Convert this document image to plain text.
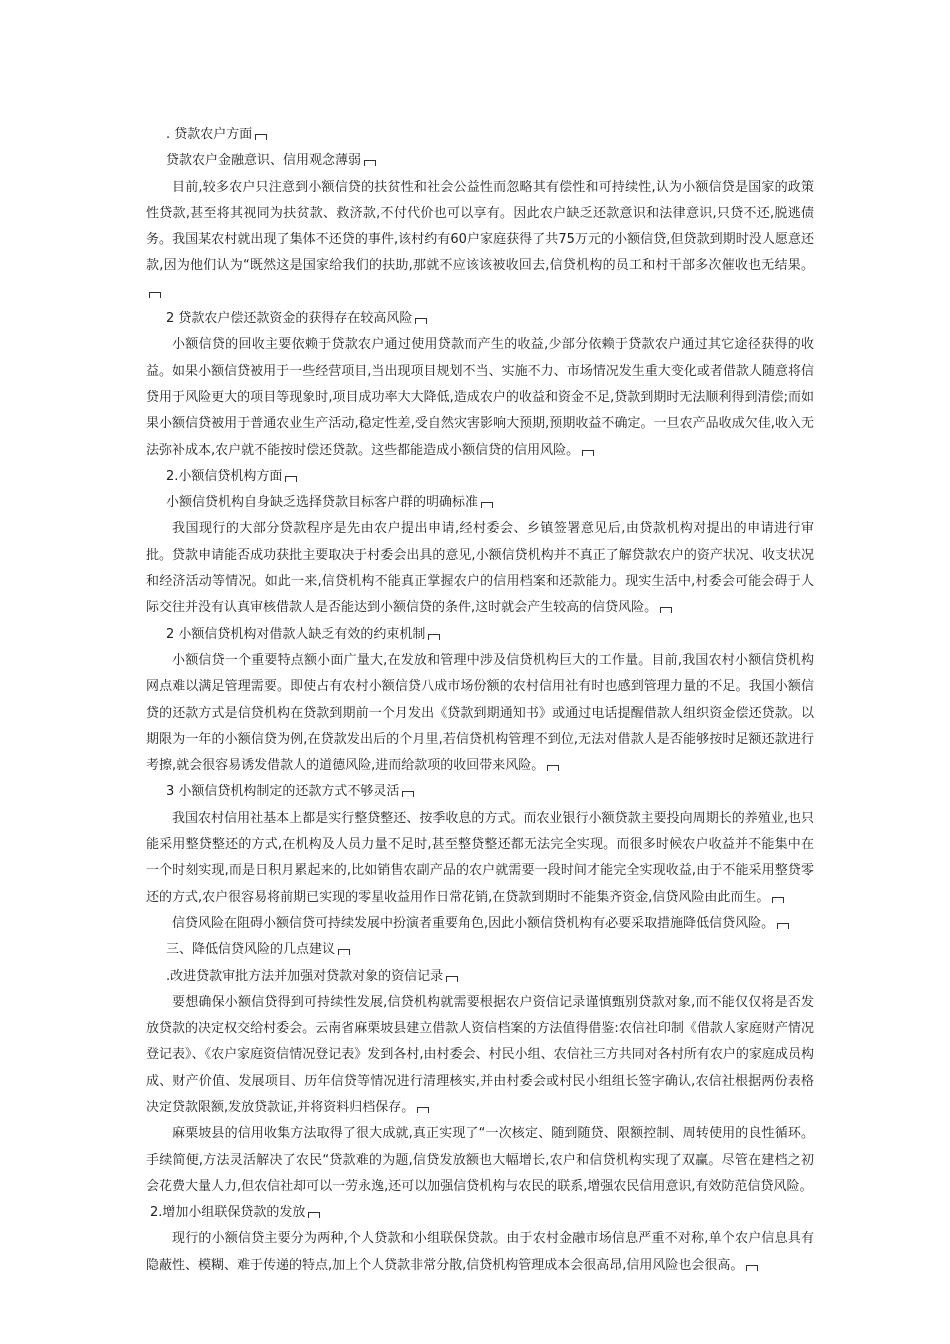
. 贷款农户方面

贷款农户金融意识、信用观念薄弱

目前,较多农户只注意到小额信贷的扶贫性和社会公益性而忽略其有偿性和可持续性,认为小额信贷是国家的政策性贷款,甚至将其视同为扶贫款、救济款,不付代价也可以享有。因此农户缺乏还款意识和法律意识,只贷不还,脱逃债务。我国某农村就出现了集体不还贷的事件,该村约有60户家庭获得了共75万元的小额信贷,但贷款到期时没人愿意还款,因为他们认为“既然这是国家给我们的扶助,那就不应该该被收回去,信贷机构的员工和村干部多次催收也无结果。

2 贷款农户偿还款资金的获得存在较高风险

小额信贷的回收主要依赖于贷款农户通过使用贷款而产生的收益,少部分依赖于贷款农户通过其它途径获得的收益。如果小额信贷被用于一些经营项目,当出现项目规划不当、实施不力、市场情况发生重大变化或者借款人随意将信贷用于风险更大的项目等现象时,项目成功率大大降低,造成农户的收益和资金不足,贷款到期时无法顺利得到清偿;而如果小额信贷被用于普通农业生产活动,稳定性差,受自然灾害影响大预期,预期收益不确定。一旦农产品收成欠佳,收入无法弥补成本,农户就不能按时偿还贷款。这些都能造成小额信贷的信用风险。

2.小额信贷机构方面

小额信贷机构自身缺乏选择贷款目标客户群的明确标准

我国现行的大部分贷款程序是先由农户提出申请,经村委会、乡镇签署意见后,由贷款机构对提出的申请进行审批。贷款申请能否成功获批主要取决于村委会出具的意见,小额信贷机构并不真正了解贷款农户的资产状况、收支状况和经济活动等情况。如此一来,信贷机构不能真正掌握农户的信用档案和还款能力。现实生活中,村委会可能会碍于人际交往并没有认真审核借款人是否能达到小额信贷的条件,这时就会产生较高的信贷风险。

2 小额信贷机构对借款人缺乏有效的约束机制

小额信贷一个重要特点额小面广量大,在发放和管理中涉及信贷机构巨大的工作量。目前,我国农村小额信贷机构网点难以满足管理需要。即使占有农村小额信贷八成市场份额的农村信用社有时也感到管理力量的不足。我国小额信贷的还款方式是信贷机构在贷款到期前一个月发出《贷款到期通知书》或通过电话提醒借款人组织资金偿还贷款。以期限为一年的小额信贷为例,在贷款发出后的个月里,若信贷机构管理不到位,无法对借款人是否能够按时足额还款进行考擦,就会很容易诱发借款人的道德风险,进而给款项的收回带来风险。

3 小额信贷机构制定的还款方式不够灵活

我国农村信用社基本上都是实行整贷整还、按季收息的方式。而农业银行小额贷款主要投向周期长的养殖业,也只能采用整贷整还的方式,在机构及人员力量不足时,甚至整贷整还都无法完全实现。而很多时候农户收益并不能集中在一个时刻实现,而是日积月累起来的,比如销售农副产品的农户就需要一段时间才能完全实现收益,由于不能采用整贷零还的方式,农户很容易将前期已实现的零星收益用作日常花销,在贷款到期时不能集齐资金,信贷风险由此而生。

信贷风险在阻碍小额信贷可持续发展中扮演者重要角色,因此小额信贷机构有必要采取措施降低信贷风险。

三、降低信贷风险的几点建议

.改进贷款审批方法并加强对贷款对象的资信记录

要想确保小额信贷得到可持续性发展,信贷机构就需要根据农户资信记录谨慎甄别贷款对象,而不能仅仅将是否发放贷款的决定权交给村委会。云南省麻栗坡县建立借款人资信档案的方法值得借鉴:农信社印制《借款人家庭财产情况登记表》、《农户家庭资信情况登记表》发到各村,由村委会、村民小组、农信社三方共同对各村所有农户的家庭成员构成、财产价值、发展项目、历年信贷等情况进行清理核实,并由村委会或村民小组组长签字确认,农信社根据两份表格决定贷款限额,发放贷款证,并将资料归档保存。

麻栗坡县的信用收集方法取得了很大成就,真正实现了“一次核定、随到随贷、限额控制、周转使用的良性循环。手续简便,方法灵活解决了农民“贷款难的为题,信贷发放额也大幅增长,农户和信贷机构实现了双赢。尽管在建档之初会花费大量人力,但农信社却可以一劳永逸,还可以加强信贷机构与农民的联系,增强农民信用意识,有效防范信贷风险。

2.增加小组联保贷款的发放

现行的小额信贷主要分为两种,个人贷款和小组联保贷款。由于农村金融市场信息严重不对称,单个农户信息具有隐蔽性、模糊、难于传递的特点,加上个人贷款非常分散,信贷机构管理成本会很高昂,信用风险也会很高。
